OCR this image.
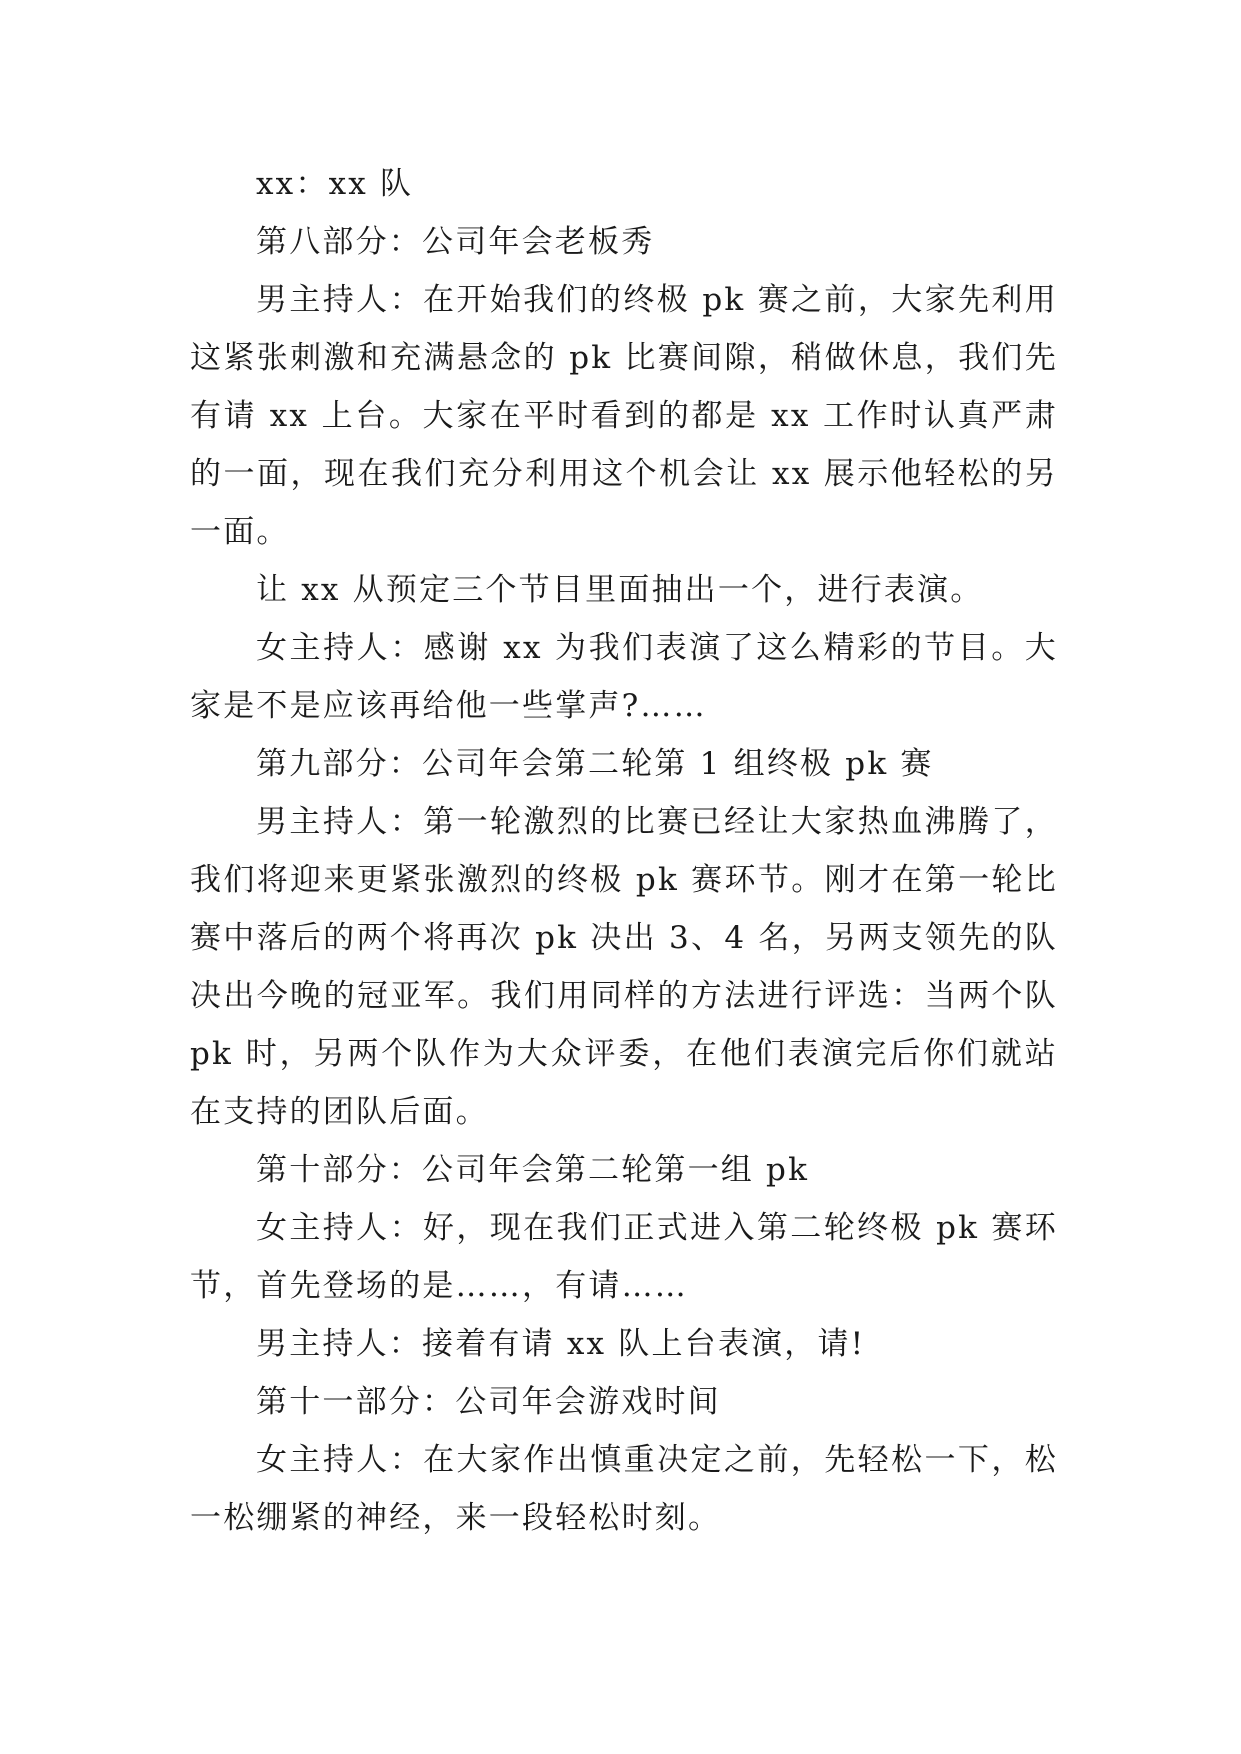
xx：xx 队

第八部分：公司年会老板秀

男主持人：在开始我们的终极 pk 赛之前，大家先利用这紧张刺激和充满悬念的 pk 比赛间隙，稍做休息，我们先有请 xx 上台。大家在平时看到的都是 xx 工作时认真严肃的一面，现在我们充分利用这个机会让 xx 展示他轻松的另一面。

让 xx 从预定三个节目里面抽出一个，进行表演。

女主持人：感谢 xx 为我们表演了这么精彩的节目。大家是不是应该再给他一些掌声?……

第九部分：公司年会第二轮第 1 组终极 pk 赛

男主持人：第一轮激烈的比赛已经让大家热血沸腾了，我们将迎来更紧张激烈的终极 pk 赛环节。刚才在第一轮比赛中落后的两个将再次 pk 决出 3、4 名，另两支领先的队决出今晚的冠亚军。我们用同样的方法进行评选：当两个队 pk 时，另两个队作为大众评委，在他们表演完后你们就站在支持的团队后面。

第十部分：公司年会第二轮第一组 pk

女主持人：好，现在我们正式进入第二轮终极 pk 赛环节，首先登场的是……，有请……

男主持人：接着有请 xx 队上台表演，请!

第十一部分：公司年会游戏时间

女主持人：在大家作出慎重决定之前，先轻松一下，松一松绷紧的神经，来一段轻松时刻。
